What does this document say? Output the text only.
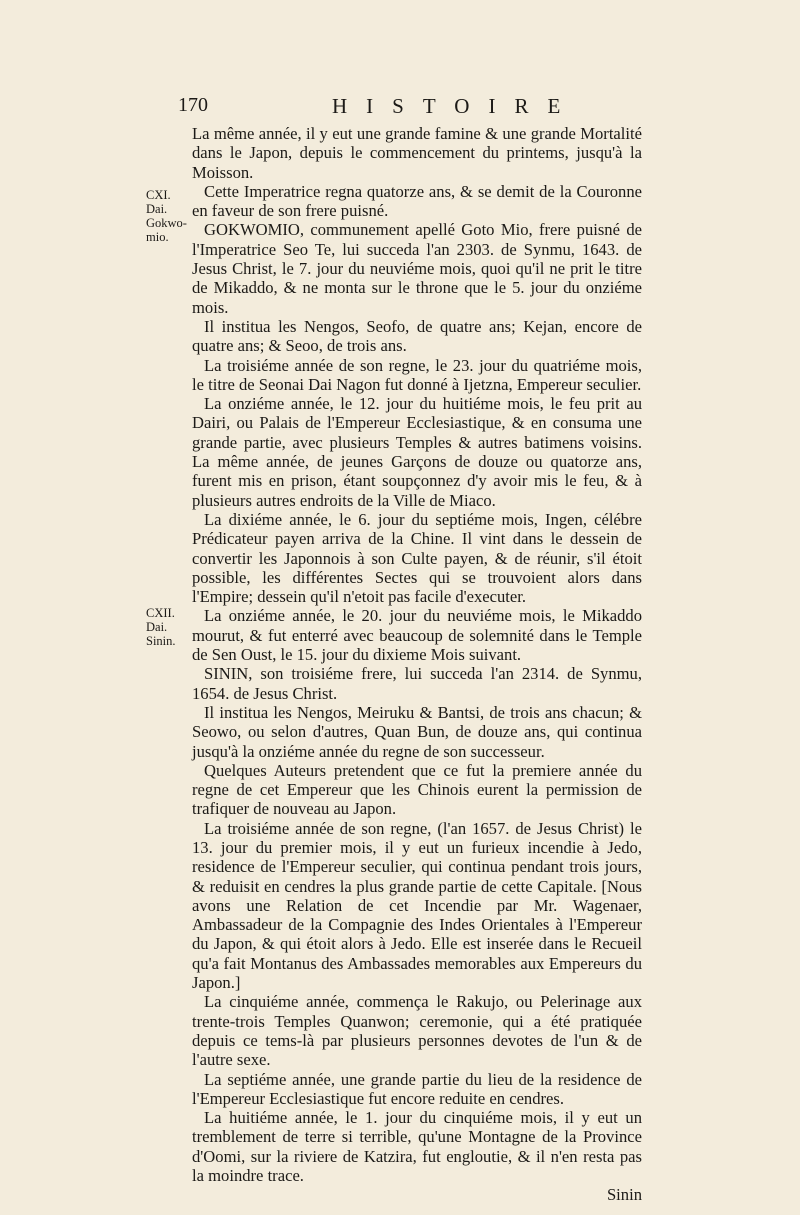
170	HISTOIRE
CXI. Dai.
Gokwo-
mio.
CXII. Dai.
Sinin.

La même année, il y eut une grande famine & une grande Mortalité dans le Japon, depuis le commencement du printems, jusqu'à la Moisson.

Cette Imperatrice regna quatorze ans, & se demit de la Couronne en faveur de son frere puisné.

GOKWOMIO, communement apellé Goto Mio, frere puisné de l'Imperatrice Seo Te, lui succeda l'an 2303. de Synmu, 1643. de Jesus Christ, le 7. jour du neuviéme mois, quoi qu'il ne prit le titre de Mikaddo, & ne monta sur le throne que le 5. jour du onziéme mois.

Il institua les Nengos, Seofo, de quatre ans; Kejan, encore de quatre ans; & Seoo, de trois ans.

La troisiéme année de son regne, le 23. jour du quatriéme mois, le titre de Seonai Dai Nagon fut donné à Ijetzna, Empereur seculier.

La onziéme année, le 12. jour du huitiéme mois, le feu prit au Dairi, ou Palais de l'Empereur Ecclesiastique, & en consuma une grande partie, avec plusieurs Temples & autres batimens voisins. La même année, de jeunes Garçons de douze ou quatorze ans, furent mis en prison, étant soupçonnez d'y avoir mis le feu, & à plusieurs autres endroits de la Ville de Miaco.

La dixiéme année, le 6. jour du septiéme mois, Ingen, célébre Prédicateur payen arriva de la Chine. Il vint dans le dessein de convertir les Japonnois à son Culte payen, & de réunir, s'il étoit possible, les différentes Sectes qui se trouvoient alors dans l'Empire; dessein qu'il n'etoit pas facile d'executer.

La onziéme année, le 20. jour du neuviéme mois, le Mikaddo mourut, & fut enterré avec beaucoup de solemnité dans le Temple de Sen Oust, le 15. jour du dixieme Mois suivant.

SININ, son troisiéme frere, lui succeda l'an 2314. de Synmu, 1654. de Jesus Christ.

Il institua les Nengos, Meiruku & Bantsi, de trois ans chacun; & Seowo, ou selon d'autres, Quan Bun, de douze ans, qui continua jusqu'à la onziéme année du regne de son successeur.

Quelques Auteurs pretendent que ce fut la premiere année du regne de cet Empereur que les Chinois eurent la permission de trafiquer de nouveau au Japon.

La troisiéme année de son regne, (l'an 1657. de Jesus Christ) le 13. jour du premier mois, il y eut un furieux incendie à Jedo, residence de l'Empereur seculier, qui continua pendant trois jours, & reduisit en cendres la plus grande partie de cette Capitale. [Nous avons une Relation de cet Incendie par Mr. Wagenaer, Ambassadeur de la Compagnie des Indes Orientales à l'Empereur du Japon, & qui étoit alors à Jedo. Elle est inserée dans le Recueil qu'a fait Montanus des Ambassades memorables aux Empereurs du Japon.]

La cinquiéme année, commença le Rakujo, ou Pelerinage aux trente-trois Temples Quanwon; ceremonie, qui a été pratiquée depuis ce tems-là par plusieurs personnes devotes de l'un & de l'autre sexe.

La septiéme année, une grande partie du lieu de la residence de l'Empereur Ecclesiastique fut encore reduite en cendres.

La huitiéme année, le 1. jour du cinquiéme mois, il y eut un tremblement de terre si terrible, qu'une Montagne de la Province d'Oomi, sur la riviere de Katzira, fut engloutie, & il n'en resta pas la moindre trace.

Sinin
